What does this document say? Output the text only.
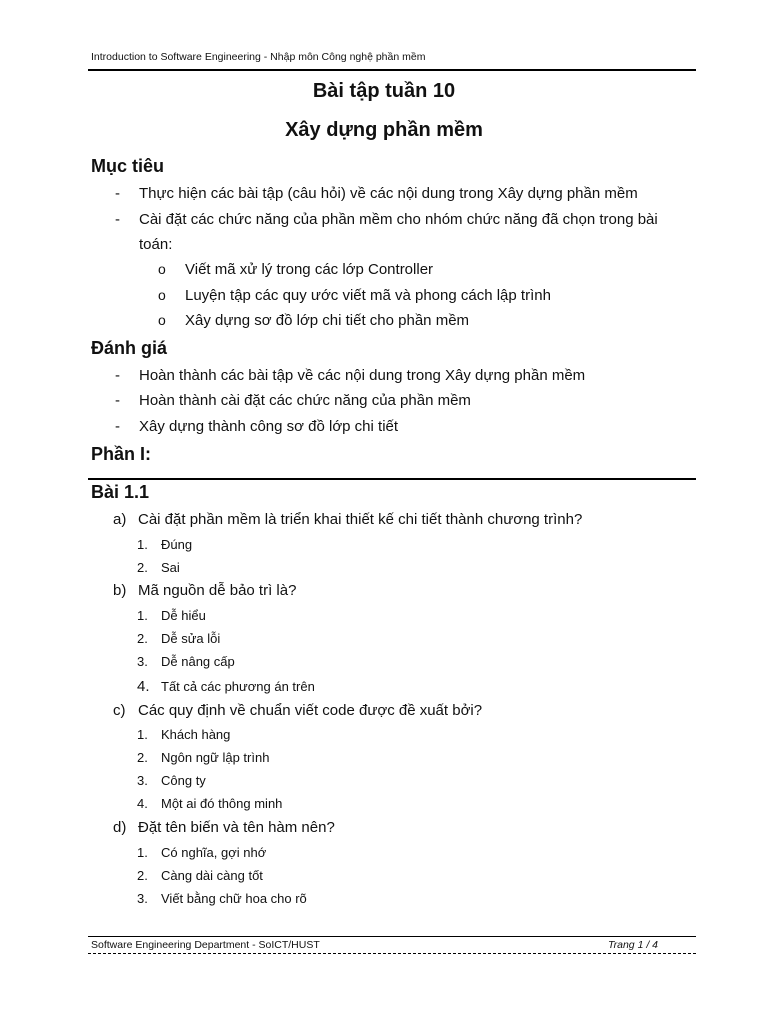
Introduction to Software Engineering - Nhập môn Công nghệ phần mềm
Bài tập tuần 10
Xây dựng phần mềm
Mục tiêu
- Thực hiện các bài tập (câu hỏi) về các nội dung trong Xây dựng phần mềm
- Cài đặt các chức năng của phần mềm cho nhóm chức năng đã chọn trong bài
toán:
o Viết mã xử lý trong các lớp Controller
o Luyện tập các quy ước viết mã và phong cách lập trình
o Xây dựng sơ đồ lớp chi tiết cho phần mềm
Đánh giá
- Hoàn thành các bài tập về các nội dung trong Xây dựng phần mềm
- Hoàn thành cài đặt các chức năng của phần mềm
- Xây dựng thành công sơ đồ lớp chi tiết
Phần I:
Bài 1.1
a) Cài đặt phần mềm là triển khai thiết kế chi tiết thành chương trình?
1. Đúng
2. Sai
b) Mã nguồn dễ bảo trì là?
1. Dễ hiểu
2. Dễ sửa lỗi
3. Dễ nâng cấp
4. Tất cả các phương án trên
c) Các quy định về chuẩn viết code được đề xuất bởi?
1. Khách hàng
2. Ngôn ngữ lập trình
3. Công ty
4. Một ai đó thông minh
d) Đặt tên biến và tên hàm nên?
1. Có nghĩa, gợi nhớ
2. Càng dài càng tốt
3. Viết bằng chữ hoa cho rõ
Software Engineering Department - SoICT/HUST	Trang 1 / 4
